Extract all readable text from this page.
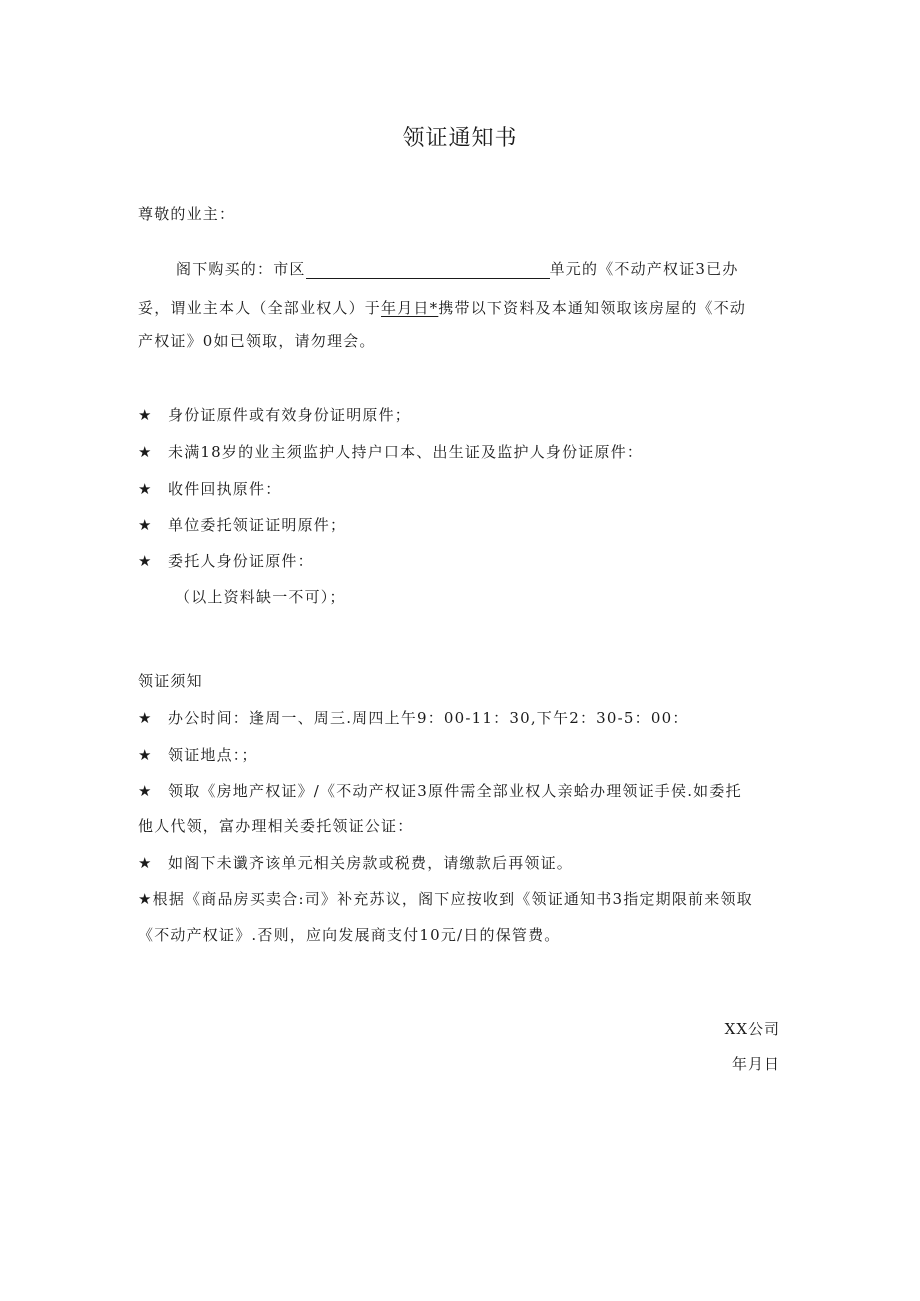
领证通知书
尊敬的业主：
阁下购买的：市区	单元的《不动产权证3已办
妥，谓业主本人（全部业权人）于年月日*携带以下资料及本通知领取该房屋的《不动
产权证》0如已领取，请勿理会。
★ 身份证原件或有效身份证明原件；
★ 未满18岁的业主须监护人持户口本、出生证及监护人身份证原件：
★ 收件回执原件：
★ 单位委托领证证明原件；
★ 委托人身份证原件：
（以上资料缺一不可）；
领证须知
★ 办公时间：逢周一、周三.周四上午9：00-11：30,下午2：30-5：00：
★ 领证地点：；
★ 领取《房地产权证》/《不动产权证3原件需全部业权人亲蛤办理领证手侯.如委托
他人代领，富办理相关委托领证公证：
★ 如阁下未谶齐该单元相关房款或税费，请缴款后再领证。
★根据《商品房买卖合:司》补充苏议，阁下应按收到《领证通知书3指定期限前来领取
《不动产权证》.否则，应向发展商支付10元/日的保管费。
XX公司
年月日
